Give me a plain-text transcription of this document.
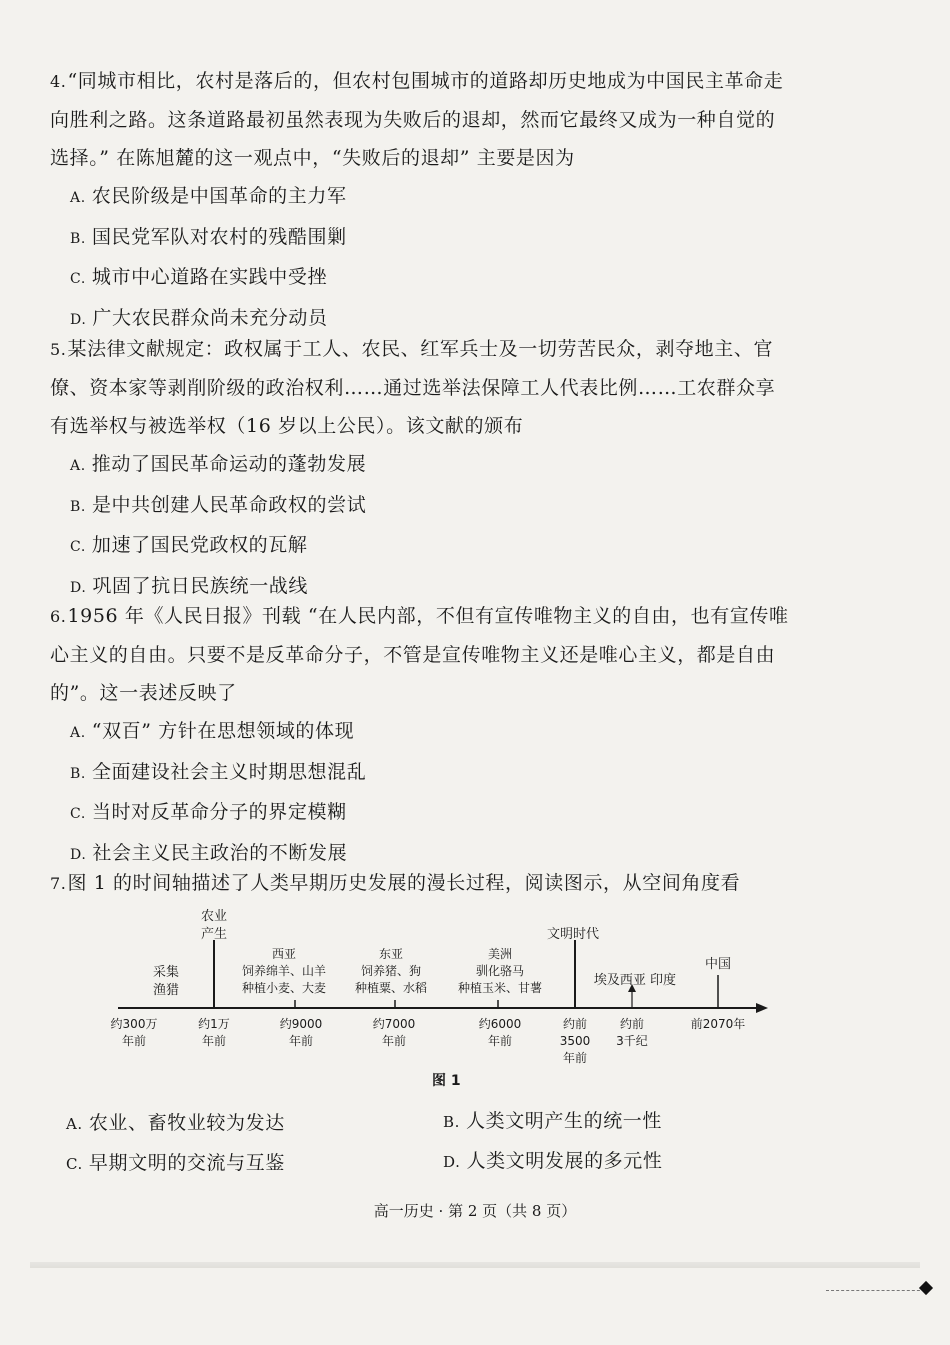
4.“同城市相比，农村是落后的，但农村包围城市的道路却历史地成为中国民主革命走

向胜利之路。这条道路最初虽然表现为失败后的退却，然而它最终又成为一种自觉的

选择。” 在陈旭麓的这一观点中，“失败后的退却” 主要是因为

A. 农民阶级是中国革命的主力军
B. 国民党军队对农村的残酷围剿
C. 城市中心道路在实践中受挫
D. 广大农民群众尚未充分动员

5.某法律文献规定：政权属于工人、农民、红军兵士及一切劳苦民众，剥夺地主、官

僚、资本家等剥削阶级的政治权利……通过选举法保障工人代表比例……工农群众享

有选举权与被选举权（16 岁以上公民）。该文献的颁布

A. 推动了国民革命运动的蓬勃发展
B. 是中共创建人民革命政权的尝试
C. 加速了国民党政权的瓦解
D. 巩固了抗日民族统一战线

6.1956 年《人民日报》刊载 “在人民内部，不但有宣传唯物主义的自由，也有宣传唯

心主义的自由。只要不是反革命分子，不管是宣传唯物主义还是唯心主义，都是自由

的”。这一表述反映了

A. “双百” 方针在思想领域的体现
B. 全面建设社会主义时期思想混乱
C. 当时对反革命分子的界定模糊
D. 社会主义民主政治的不断发展

7.图 1 的时间轴描述了人类早期历史发展的漫长过程，阅读图示，从空间角度看

采集
渔猎
农业
产生
西亚
饲养绵羊、山羊
种植小麦、大麦
东亚
饲养猪、狗
种植粟、水稻
美洲
驯化骆马
种植玉米、甘薯
文明时代
埃及西亚 印度
中国
约300万
年前
约1万
年前
约9000
年前
约7000
年前
约6000
年前
约前
3500
年前
约前
3千纪
前2070年
图 1
A. 农业、畜牧业较为发达	B. 人类文明产生的统一性
C. 早期文明的交流与互鉴	D. 人类文明发展的多元性
高一历史 · 第 2 页（共 8 页）
